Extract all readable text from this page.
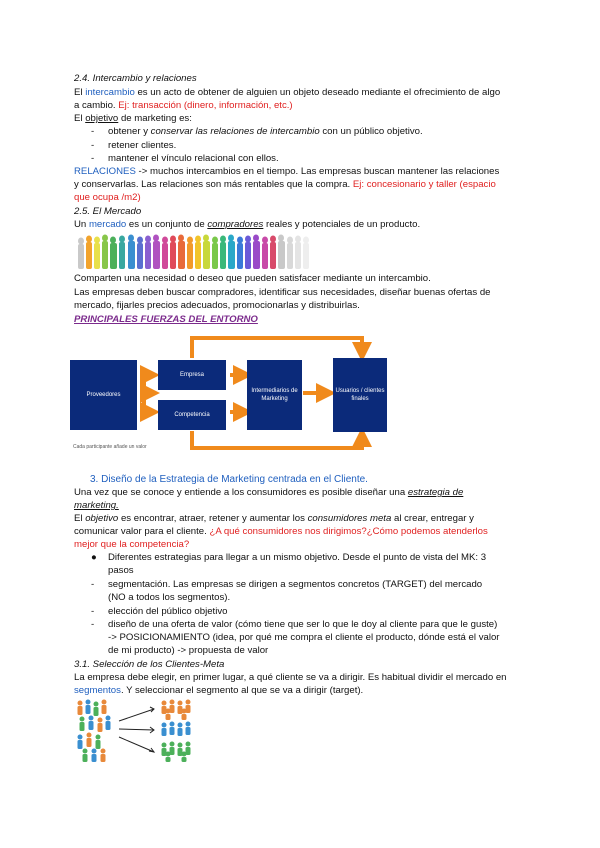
2.4. Intercambio y relaciones
El intercambio es un acto de obtener de alguien un objeto deseado mediante el ofrecimiento de algo
a cambio. Ej: transacción (dinero, información, etc.)
El objetivo de marketing es:
- obtener y conservar las relaciones de intercambio con un público objetivo.
- retener clientes.
- mantener el vínculo relacional con ellos.
RELACIONES -> muchos intercambios en el tiempo. Las empresas buscan mantener las relaciones
y conservarlas. Las relaciones son más rentables que la compra. Ej: concesionario y taller (espacio
que ocupa /m2)
2.5. El Mercado
Un mercado es un conjunto de compradores reales y potenciales de un producto.
Comparten una necesidad o deseo que pueden satisfacer mediante un intercambio.
Las empresas deben buscar compradores, identificar sus necesidades, diseñar buenas ofertas de
mercado, fijarles precios adecuados, promocionarlas y distribuirlas.
PRINCIPALES FUERZAS DEL ENTORNO
Proveedores
Empresa
Competencia
Intermediarios de Marketing
Usuarios / clientes finales
Cada participante añade un valor
3. Diseño de la Estrategia de Marketing centrada en el Cliente.
Una vez que se conoce y entiende a los consumidores es posible diseñar una estrategia de
marketing.
El objetivo es encontrar, atraer, retener y aumentar los consumidores meta al crear, entregar y
comunicar valor para el cliente. ¿A qué consumidores nos dirigimos?¿Cómo podemos atenderlos
mejor que la competencia?
● Diferentes estrategias para llegar a un mismo objetivo. Desde el punto de vista del MK: 3
pasos
- segmentación. Las empresas se dirigen a segmentos concretos (TARGET) del mercado
(NO a todos los segmentos).
- elección del público objetivo
- diseño de una oferta de valor (cómo tiene que ser lo que le doy al cliente para que le guste)
-> POSICIONAMIENTO (idea, por qué me compra el cliente el producto, dónde está el valor
de mi producto) -> propuesta de valor
3.1. Selección de los Clientes-Meta
La empresa debe elegir, en primer lugar, a qué cliente se va a dirigir. Es habitual dividir el mercado en
segmentos. Y seleccionar el segmento al que se va a dirigir (target).
